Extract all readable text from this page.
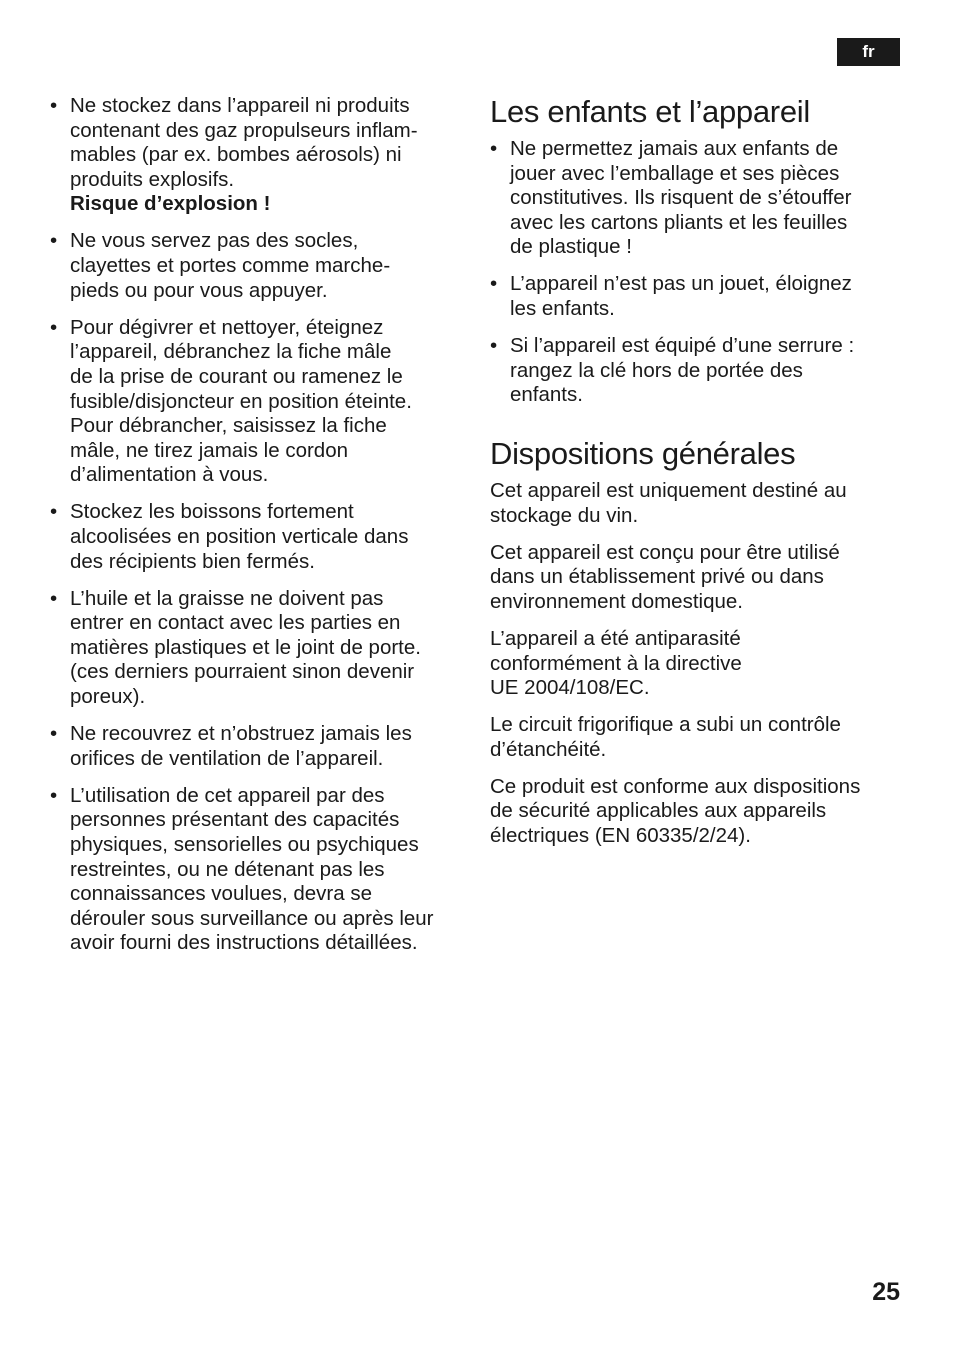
fr
• Ne stockez dans l’appareil ni produits
contenant des gaz propulseurs inflam-
mables (par ex. bombes aérosols) ni
produits explosifs.
Risque d’explosion !
• Ne vous servez pas des socles,
clayettes et portes comme marche-
pieds ou pour vous appuyer.
• Pour dégivrer et nettoyer, éteignez
l’appareil, débranchez la fiche mâle
de la prise de courant ou ramenez le
fusible/disjoncteur en position éteinte.
Pour débrancher, saisissez la fiche
mâle, ne tirez jamais le cordon
d’alimentation à vous.
• Stockez les boissons fortement
alcoolisées en position verticale dans
des récipients bien fermés.
• L’huile et la graisse ne doivent pas
entrer en contact avec les parties en
matières plastiques et le joint de porte.
(ces derniers pourraient sinon devenir
poreux).
• Ne recouvrez et n’obstruez jamais les
orifices de ventilation de l’appareil.
• L’utilisation de cet appareil par des
personnes présentant des capacités
physiques, sensorielles ou psychiques
restreintes, ou ne détenant pas les
connaissances voulues, devra se
dérouler sous surveillance ou après leur
avoir fourni des instructions détaillées.
Les enfants et l’appareil
• Ne permettez jamais aux enfants de
jouer avec l’emballage et ses pièces
constitutives. Ils risquent de s’étouffer
avec les cartons pliants et les feuilles
de plastique !
• L’appareil n’est pas un jouet, éloignez
les enfants.
• Si l’appareil est équipé d’une serrure :
rangez la clé hors de portée des
enfants.
Dispositions générales

Cet appareil est uniquement destiné au
stockage du vin.

Cet appareil est conçu pour être utilisé
dans un établissement privé ou dans
environnement domestique.

L’appareil a été antiparasité
conformément à la directive
UE 2004/108/EC.

Le circuit frigorifique a subi un contrôle
d’étanchéité.

Ce produit est conforme aux dispositions
de sécurité applicables aux appareils
électriques (EN 60335/2/24).

25
